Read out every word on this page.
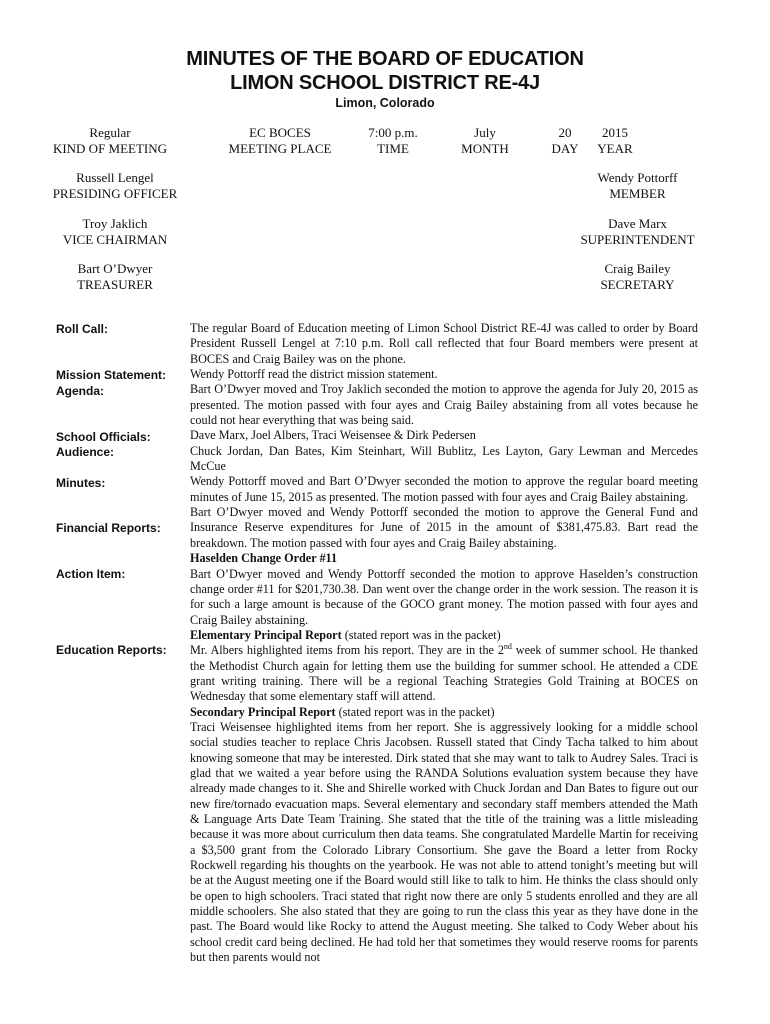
MINUTES OF THE BOARD OF EDUCATION
LIMON SCHOOL DISTRICT RE-4J
Limon, Colorado
Regular
KIND OF MEETING
EC BOCES
MEETING PLACE
7:00 p.m.
TIME
July
MONTH
20
DAY
2015
YEAR
Russell Lengel
PRESIDING OFFICER
Wendy Pottorff
MEMBER
Troy Jaklich
VICE CHAIRMAN
Dave Marx
SUPERINTENDENT
Bart O’Dwyer
TREASURER
Craig Bailey
SECRETARY
Roll Call:
Mission Statement:
Agenda:
School Officials:
Audience:
Minutes:
Financial Reports:
Action Item:
Education Reports:

The regular Board of Education meeting of Limon School District RE-4J was called to order by Board President Russell Lengel at 7:10 p.m. Roll call reflected that four Board members were present at BOCES and Craig Bailey was on the phone.

Wendy Pottorff read the district mission statement.

Bart O’Dwyer moved and Troy Jaklich seconded the motion to approve the agenda for July 20, 2015 as presented. The motion passed with four ayes and Craig Bailey abstaining from all votes because he could not hear everything that was being said.

Dave Marx, Joel Albers, Traci Weisensee & Dirk Pedersen

Chuck Jordan, Dan Bates, Kim Steinhart, Will Bublitz, Les Layton, Gary Lewman and Mercedes McCue

Wendy Pottorff moved and Bart O’Dwyer seconded the motion to approve the regular board meeting minutes of June 15, 2015 as presented. The motion passed with four ayes and Craig Bailey abstaining.

Bart O’Dwyer moved and Wendy Pottorff seconded the motion to approve the General Fund and Insurance Reserve expenditures for June of 2015 in the amount of $381,475.83. Bart read the breakdown. The motion passed with four ayes and Craig Bailey abstaining.

Haselden Change Order #11

Bart O’Dwyer moved and Wendy Pottorff seconded the motion to approve Haselden’s construction change order #11 for $201,730.38. Dan went over the change order in the work session. The reason it is for such a large amount is because of the GOCO grant money. The motion passed with four ayes and Craig Bailey abstaining.

Elementary Principal Report (stated report was in the packet)

Mr. Albers highlighted items from his report. They are in the 2nd week of summer school. He thanked the Methodist Church again for letting them use the building for summer school. He attended a CDE grant writing training. There will be a regional Teaching Strategies Gold Training at BOCES on Wednesday that some elementary staff will attend.

Secondary Principal Report (stated report was in the packet)

Traci Weisensee highlighted items from her report. She is aggressively looking for a middle school social studies teacher to replace Chris Jacobsen. Russell stated that Cindy Tacha talked to him about knowing someone that may be interested. Dirk stated that she may want to talk to Audrey Sales. Traci is glad that we waited a year before using the RANDA Solutions evaluation system because they have already made changes to it. She and Shirelle worked with Chuck Jordan and Dan Bates to figure out our new fire/tornado evacuation maps. Several elementary and secondary staff members attended the Math & Language Arts Date Team Training. She stated that the title of the training was a little misleading because it was more about curriculum then data teams. She congratulated Mardelle Martin for receiving a $3,500 grant from the Colorado Library Consortium. She gave the Board a letter from Rocky Rockwell regarding his thoughts on the yearbook. He was not able to attend tonight’s meeting but will be at the August meeting one if the Board would still like to talk to him. He thinks the class should only be open to high schoolers. Traci stated that right now there are only 5 students enrolled and they are all middle schoolers. She also stated that they are going to run the class this year as they have done in the past. The Board would like Rocky to attend the August meeting. She talked to Cody Weber about his school credit card being declined. He had told her that sometimes they would reserve rooms for parents but then parents would not
